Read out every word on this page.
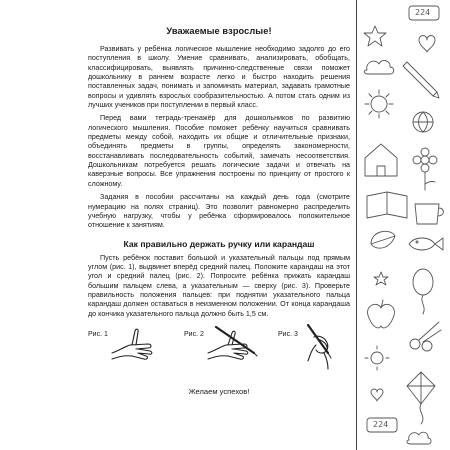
Уважаемые взрослые!

Развивать у ребёнка логическое мышление необходимо задолго до его поступления в школу. Умение сравнивать, анализировать, обобщать, классифицировать, выявлять причинно-следственные связи поможет дошкольнику в раннем возрасте легко и быстро находить решения поставленных задач, понимать и запоминать материал, задавать грамотные вопросы и удивлять взрослых сообразительностью. А потом стать одним из лучших учеников при поступлении в первый класс.

Перед вами тетрадь-тренажёр для дошкольников по развитию логического мышления. Пособие поможет ребёнку научиться сравнивать предметы между собой, находить их общие и отличительные признаки, объединять предметы в группы, определять закономерности, восстанавливать последовательность событий, замечать несоответствия. Дошкольникам потребуется решать логические задачи и отвечать на каверзные вопросы. Все упражнения построены по принципу от простого к сложному.

Задания в пособии рассчитаны на каждый день года (смотрите нумерацию на полях страниц). Это позволит равномерно распределить учебную нагрузку, чтобы у ребёнка сформировалось положительное отношение к занятиям.

Как правильно держать ручку или карандаш

Пусть ребёнок поставит большой и указательный пальцы под прямым углом (рис. 1), выдвинет вперёд средний палец. Положите карандаш на этот угол и средний палец (рис. 2). Попросите ребёнка прижать карандаш большим пальцем слева, а указательным — сверху (рис. 3). Проверьте правильность положения пальцев: при поднятии указательного пальца карандаш должен оставаться в неизменном положении. От конца карандаша до кончика указательного пальца должно быть 1,5 см.

Рис. 1	Рис. 2	Рис. 3
Желаем успехов!
224
224
